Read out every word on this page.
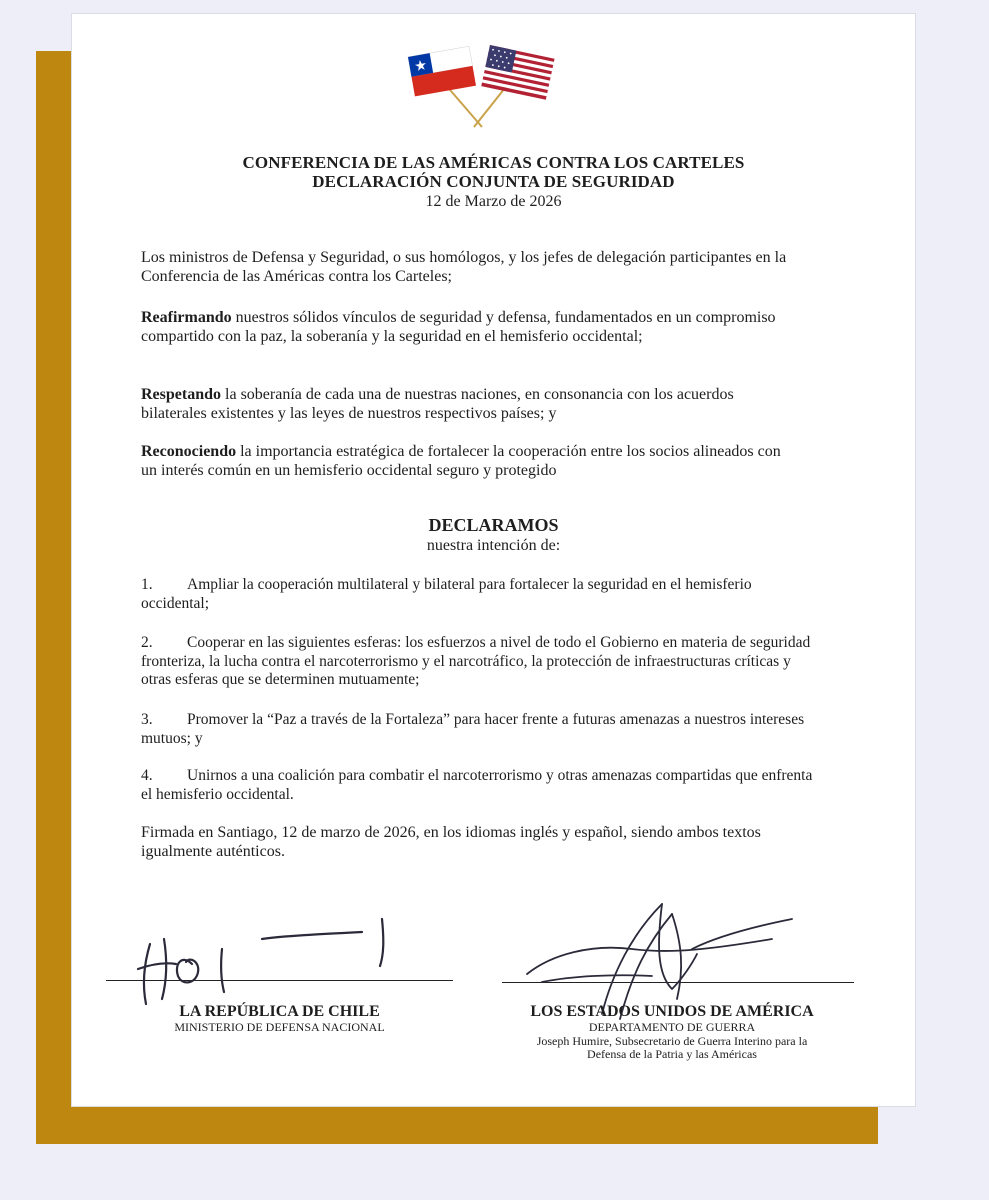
CONFERENCIA DE LAS AMÉRICAS CONTRA LOS CARTELES

DECLARACIÓN CONJUNTA DE SEGURIDAD

12 de Marzo de 2026

Los ministros de Defensa y Seguridad, o sus homólogos, y los jefes de delegación participantes en la Conferencia de las Américas contra los Carteles;

Reafirmando nuestros sólidos vínculos de seguridad y defensa, fundamentados en un compromiso compartido con la paz, la soberanía y la seguridad en el hemisferio occidental;

Respetando la soberanía de cada una de nuestras naciones, en consonancia con los acuerdos bilaterales existentes y las leyes de nuestros respectivos países; y

Reconociendo la importancia estratégica de fortalecer la cooperación entre los socios alineados con un interés común en un hemisferio occidental seguro y protegido

DECLARAMOS

nuestra intención de:

1. Ampliar la cooperación multilateral y bilateral para fortalecer la seguridad en el hemisferio occidental;

2. Cooperar en las siguientes esferas: los esfuerzos a nivel de todo el Gobierno en materia de seguridad fronteriza, la lucha contra el narcoterrorismo y el narcotráfico, la protección de infraestructuras críticas y otras esferas que se determinen mutuamente;

3. Promover la “Paz a través de la Fortaleza” para hacer frente a futuras amenazas a nuestros intereses mutuos; y

4. Unirnos a una coalición para combatir el narcoterrorismo y otras amenazas compartidas que enfrenta el hemisferio occidental.

Firmada en Santiago, 12 de marzo de 2026, en los idiomas inglés y español, siendo ambos textos igualmente auténticos.

LA REPÚBLICA DE CHILE
MINISTERIO DE DEFENSA NACIONAL
LOS ESTADOS UNIDOS DE AMÉRICA
DEPARTAMENTO DE GUERRA
Joseph Humire, Subsecretario de Guerra Interino para la
Defensa de la Patria y las Américas
